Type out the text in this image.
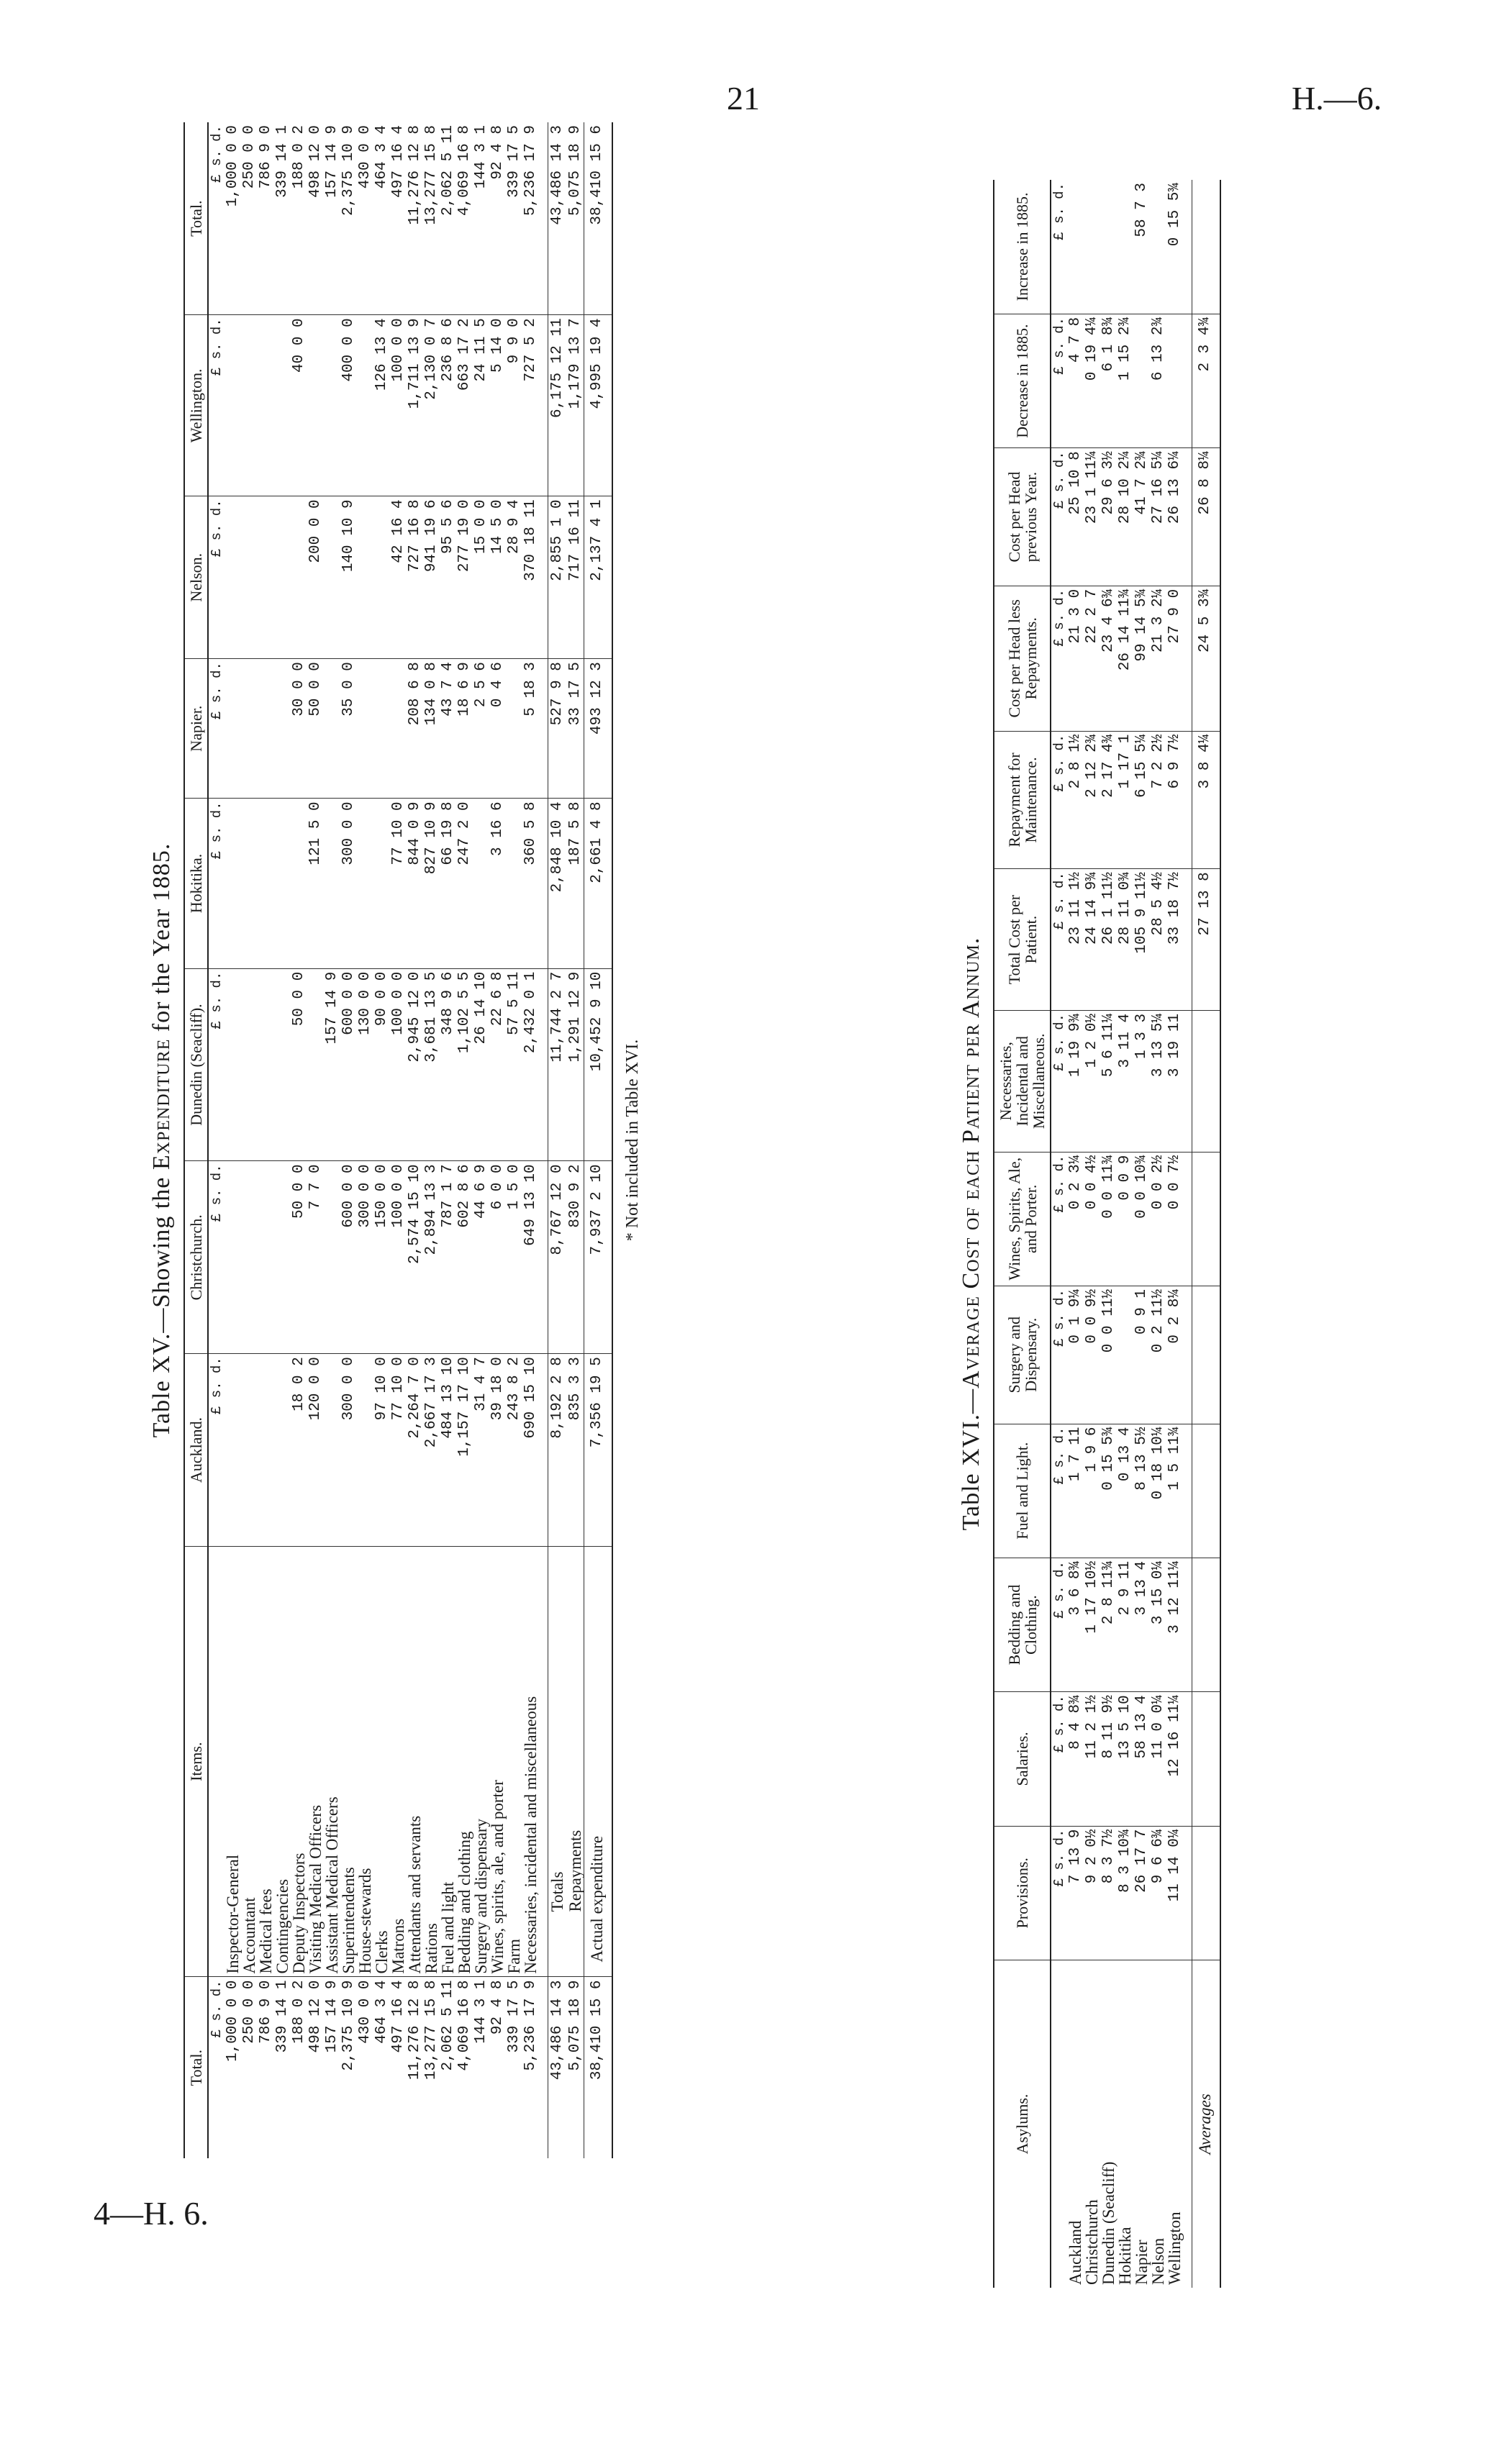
21	H.—6.
4—H. 6.
Table XV.—Showing the Expenditure for the Year 1885.
Total.	Items.	Auckland.	Christchurch.	Dunedin (Seacliff).	Hokitika.	Napier.	Nelson.	Wellington.	Total.
£ s. d.		£ s. d.	£ s. d.	£ s. d.	£ s. d.	£ s. d.	£ s. d.	£ s. d.	£ s. d.
1,000 0 0	Inspector-General								1,000 0 0
250 0 0	Accountant								250 0 0
786 9 0	Medical fees								786 9 0
339 14 1	Contingencies								339 14 1
188 0 2	Deputy Inspectors	18 0 2	50 0 0	50 0 0		30 0 0		40 0 0	188 0 2
498 12 0	Visiting Medical Officers	120 0 0	7 7 0		121 5 0	50 0 0	200 0 0		498 12 0
157 14 9	Assistant Medical Officers			157 14 9					157 14 9
2,375 10 9	Superintendents	300 0 0	600 0 0	600 0 0	300 0 0	35 0 0	140 10 9	400 0 0	2,375 10 9
430 0 0	House-stewards		300 0 0	130 0 0					430 0 0
464 3 4	Clerks	97 10 0	150 0 0	90 0 0				126 13 4	464 3 4
497 16 4	Matrons	77 10 0	100 0 0	100 0 0	77 10 0		42 16 4	100 0 0	497 16 4
11,276 12 8	Attendants and servants	2,264 7 0	2,574 15 10	2,945 12 0	844 0 9	208 6 8	727 16 8	1,711 13 9	11,276 12 8
13,277 15 8	Rations	2,667 17 3	2,894 13 3	3,681 13 5	827 10 9	134 0 8	941 19 6	2,130 0 7	13,277 15 8
2,062 5 11	Fuel and light	484 13 10	787 1 7	348 9 6	66 19 8	43 7 4	95 5 6	236 8 6	2,062 5 11
4,069 16 8	Bedding and clothing	1,157 17 10	602 8 6	1,102 5 5	247 2 0	18 6 9	277 19 0	663 17 2	4,069 16 8
144 3 1	Surgery and dispensary	31 4 7	44 6 9	26 14 10		2 5 6	15 0 0	24 11 5	144 3 1
92 4 8	Wines, spirits, ale, and porter	39 18 0	6 0 0	22 6 8	3 16 6	0 4 6	14 5 0	5 14 0	92 4 8
339 17 5	Farm	243 8 2	1 5 0	57 5 11			28 9 4	9 9 0	339 17 5
5,236 17 9	Necessaries, incidental and miscellaneous	690 15 10	649 13 10	2,432 0 1	360 5 8	5 18 3	370 18 11	727 5 2	5,236 17 9

43,486 14 3	Totals	8,192 2 8	8,767 12 0	11,744 2 7	2,848 10 4	527 9 8	2,855 1 0	6,175 12 11	43,486 14 3
5,075 18 9	Repayments	835 3 3	830 9 2	1,291 12 9	187 5 8	33 17 5	717 16 11	1,179 13 7	5,075 18 9
38,410 15 6	Actual expenditure	7,356 19 5	7,937 2 10	10,452 9 10	2,661 4 8	493 12 3	2,137 4 1	4,995 19 4	38,410 15 6
* Not included in Table XVI.
Table XVI.—Average Cost of each Patient per Annum.
Asylums.	Provisions.	Salaries.	Bedding and Clothing.	Fuel and Light.	Surgery and Dispensary.	Wines, Spirits, Ale, and Porter.	Necessaries, Incidental and Miscellaneous.	Total Cost per Patient.	Repayment for Maintenance.	Cost per Head less Repayments.	Cost per Head previous Year.	Decrease in 1885.	Increase in 1885.
	£ s. d.	£ s. d.	£ s. d.	£ s. d.	£ s. d.	£ s. d.	£ s. d.	£ s. d.	£ s. d.	£ s. d.	£ s. d.	£ s. d.	£ s. d.
Auckland	7 13 9	8 4 8¾	3 6 8¾	1 7 11	0 1 9¼	0 2 3¼	1 19 9¾	23 11 1½	2 8 1½	21 3 0	25 10 8	4 7 8	
Christchurch	9 2 0½	11 2 1½	1 17 10½	1 9 6	0 0 9½	0 0 4½	1 2 0½	24 14 9¾	2 12 2¾	22 2 7	23 1 11¼	0 19 4¼	
Dunedin (Seacliff)	8 3 7½	8 11 9½	2 8 11¾	0 15 5¾	0 0 11½	0 0 11¾	5 6 11¼	26 1 11½	2 17 4¾	23 4 6¾	29 6 3½	6 1 8¾	
Hokitika	8 3 10¾	13 5 10	2 9 11	0 13 4		0 0 9	3 11 4	28 11 0¾	1 17 1	26 14 11¾	28 10 2¼	1 15 2¾	
Napier	26 17 7	58 13 4	3 13 4	8 13 5½	0 9 1	0 0 10¾	1 3 3	105 9 11½	6 15 5¼	99 14 5¾	41 7 2¾		58 7 3
Nelson	9 6 6¾	11 0 0¼	3 15 0¼	0 18 10¼	0 2 11½	0 0 2½	3 13 5¼	28 5 4½	7 2 2½	21 3 2¼	27 16 5¼	6 13 2¾	
Wellington	11 14 0¼	12 16 11¼	3 12 11¼	1 5 11¾	0 2 8¼	0 0 7½	3 19 11	33 18 7½	6 9 7½	27 9 0	26 13 6¼		0 15 5¾

Averages								27 13 8	3 8 4¼	24 5 3¾	26 8 8¼	2 3 4¾	
